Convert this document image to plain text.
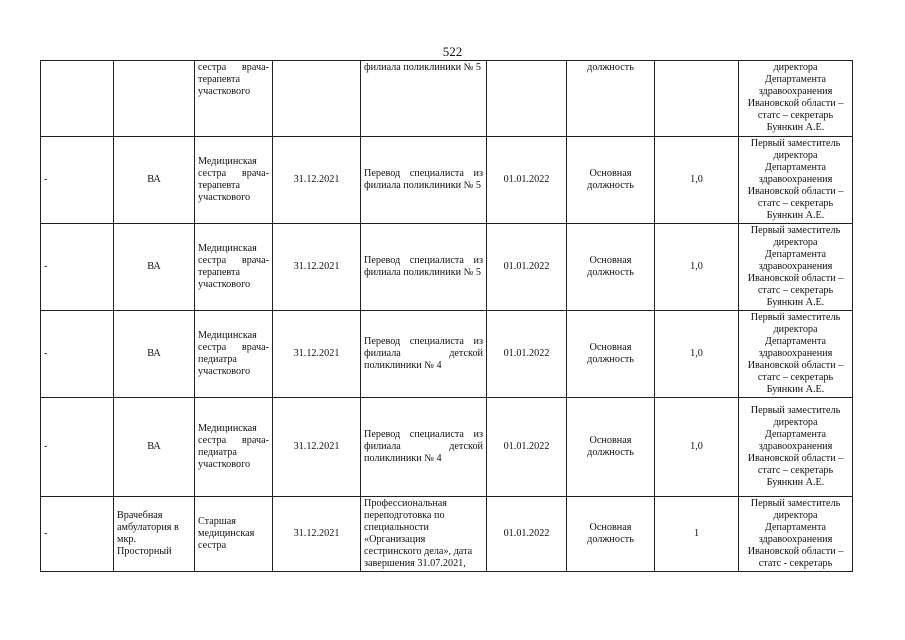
522
		сестра врача-терапевта участкового		филиала поликлиники № 5		должность		директора Департамента здравоохранения Ивановской области – статс – секретарь Буянкин А.Е.
-	ВА	Медицинская сестра врача-терапевта участкового	31.12.2021	Перевод специалиста из филиала поликлиники № 5	01.01.2022	Основная должность	1,0	Первый заместитель директора Департамента здравоохранения Ивановской области – статс – секретарь Буянкин А.Е.
-	ВА	Медицинская сестра врача-терапевта участкового	31.12.2021	Перевод специалиста из филиала поликлиники № 5	01.01.2022	Основная должность	1,0	Первый заместитель директора Департамента здравоохранения Ивановской области – статс – секретарь Буянкин А.Е.
-	ВА	Медицинская сестра врача-педиатра участкового	31.12.2021	Перевод специалиста из филиала детской поликлиники № 4	01.01.2022	Основная должность	1,0	Первый заместитель директора Департамента здравоохранения Ивановской области – статс – секретарь Буянкин А.Е.
-	ВА	Медицинская сестра врача-педиатра участкового	31.12.2021	Перевод специалиста из филиала детской поликлиники № 4	01.01.2022	Основная должность	1,0	Первый заместитель директора Департамента здравоохранения Ивановской области – статс – секретарь Буянкин А.Е.
-	Врачебная амбулатория в мкр. Просторный	Старшая медицинская сестра	31.12.2021	Профессиональная переподготовка по специальности «Организация сестринского дела», дата завершения 31.07.2021,	01.01.2022	Основная должность	1	Первый заместитель директора Департамента здравоохранения Ивановской области – статс - секретарь
